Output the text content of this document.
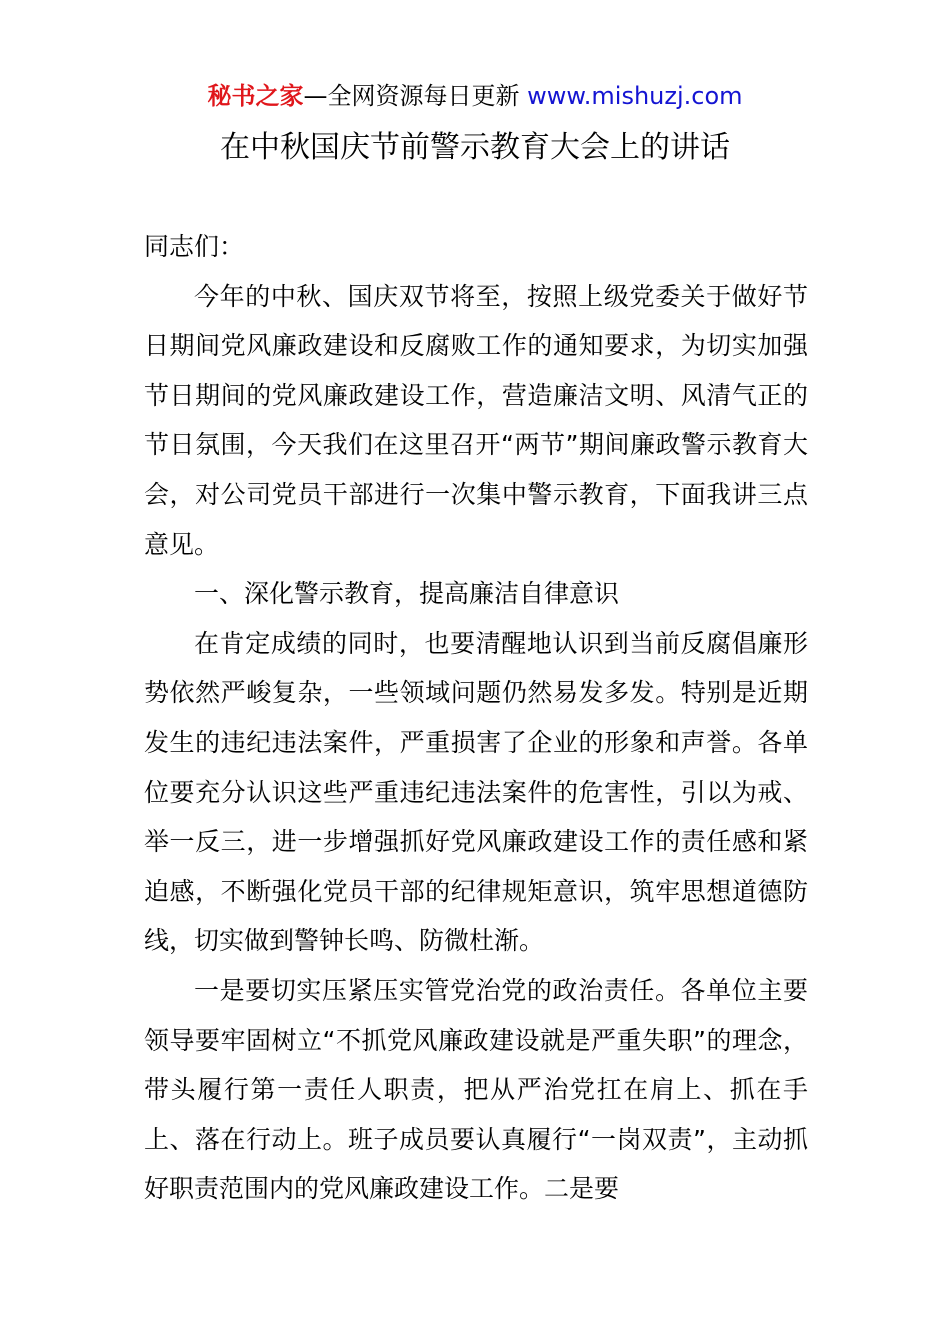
秘书之家—全网资源每日更新 www.mishuzj.com
在中秋国庆节前警示教育大会上的讲话

同志们：

今年的中秋、国庆双节将至，按照上级党委关于做好节日期间党风廉政建设和反腐败工作的通知要求，为切实加强节日期间的党风廉政建设工作，营造廉洁文明、风清气正的节日氛围，今天我们在这里召开“两节”期间廉政警示教育大会，对公司党员干部进行一次集中警示教育，下面我讲三点意见。

一、深化警示教育，提高廉洁自律意识

在肯定成绩的同时，也要清醒地认识到当前反腐倡廉形势依然严峻复杂，一些领域问题仍然易发多发。特别是近期发生的违纪违法案件，严重损害了企业的形象和声誉。各单位要充分认识这些严重违纪违法案件的危害性，引以为戒、举一反三，进一步增强抓好党风廉政建设工作的责任感和紧迫感，不断强化党员干部的纪律规矩意识，筑牢思想道德防线，切实做到警钟长鸣、防微杜渐。

一是要切实压紧压实管党治党的政治责任。各单位主要领导要牢固树立“不抓党风廉政建设就是严重失职”的理念，带头履行第一责任人职责，把从严治党扛在肩上、抓在手上、落在行动上。班子成员要认真履行“一岗双责”，主动抓好职责范围内的党风廉政建设工作。二是要
